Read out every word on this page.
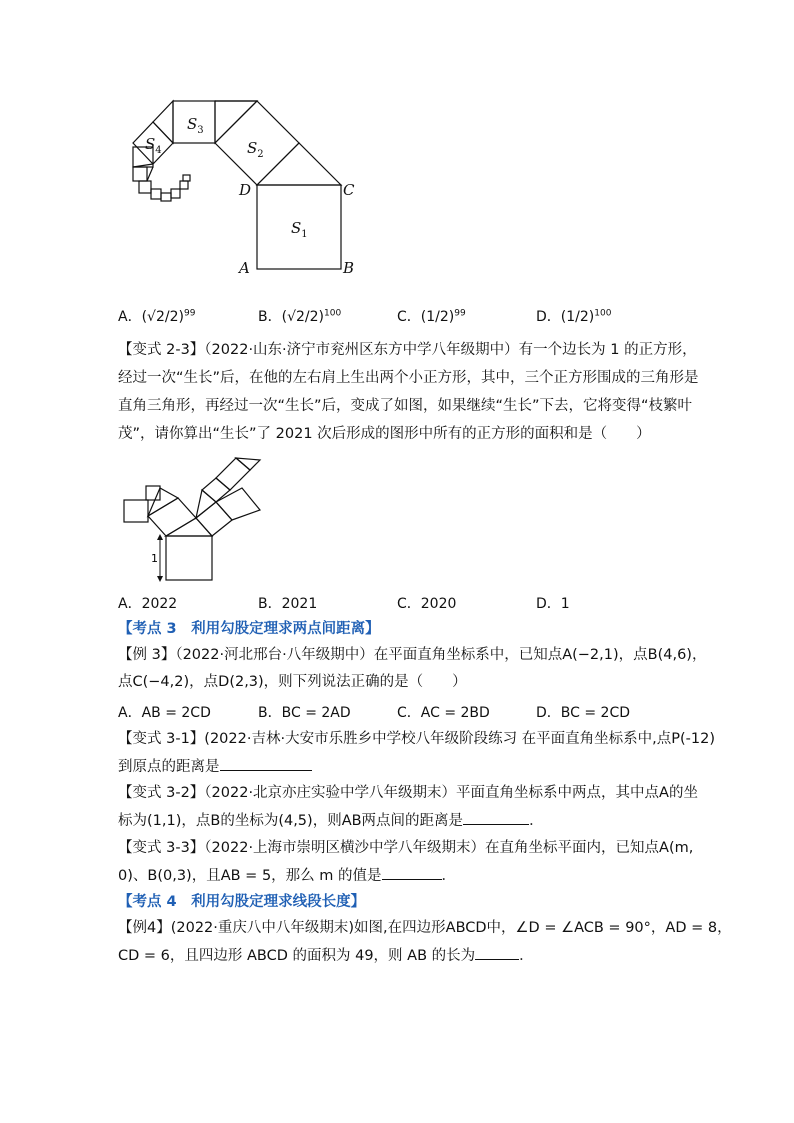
$S_1$
$S_2$
$S_3$
$S_4$
D	C
A	B
A．$(√2/2)^{99}$	B．$(√2/2)^{100}$	C．$(1/2)^{99}$	D．$(1/2)^{100}$
【变式 2-3】（2022·山东·济宁市兖州区东方中学八年级期中）有一个边长为 1 的正方形，
经过一次“生长”后，在他的左右肩上生出两个小正方形，其中，三个正方形围成的三角形是
直角三角形，再经过一次“生长”后，变成了如图，如果继续“生长”下去，它将变得“枝繁叶
茂”，请你算出“生长”了 2021 次后形成的图形中所有的正方形的面积和是（　　）
1
A．2022	B．2021	C．2020	D．1
【考点 3　利用勾股定理求两点间距离】
【例 3】（2022·河北邢台·八年级期中）在平面直角坐标系中，已知点A(−2,1)，点B(4,6)，
点C(−4,2)，点D(2,3)，则下列说法正确的是（　　）
A．AB = 2CD	B．BC = 2AD	C．AC = 2BD	D．BC = 2CD
【变式 3-1】(2022·吉林·大安市乐胜乡中学校八年级阶段练习 在平面直角坐标系中,点P(-12)
到原点的距离是
【变式 3-2】（2022·北京亦庄实验中学八年级期末）平面直角坐标系中两点，其中点A的坐
标为(1,1)，点B的坐标为(4,5)，则AB两点间的距离是	．
【变式 3-3】（2022·上海市崇明区横沙中学八年级期末）在直角坐标平面内，已知点A(m,
0)、B(0,3)，且AB = 5，那么 m 的值是	．
【考点 4　利用勾股定理求线段长度】
【例4】(2022·重庆八中八年级期末)如图,在四边形ABCD中，∠D = ∠ACB = 90°，AD = 8，
CD = 6，且四边形 ABCD 的面积为 49，则 AB 的长为	．
